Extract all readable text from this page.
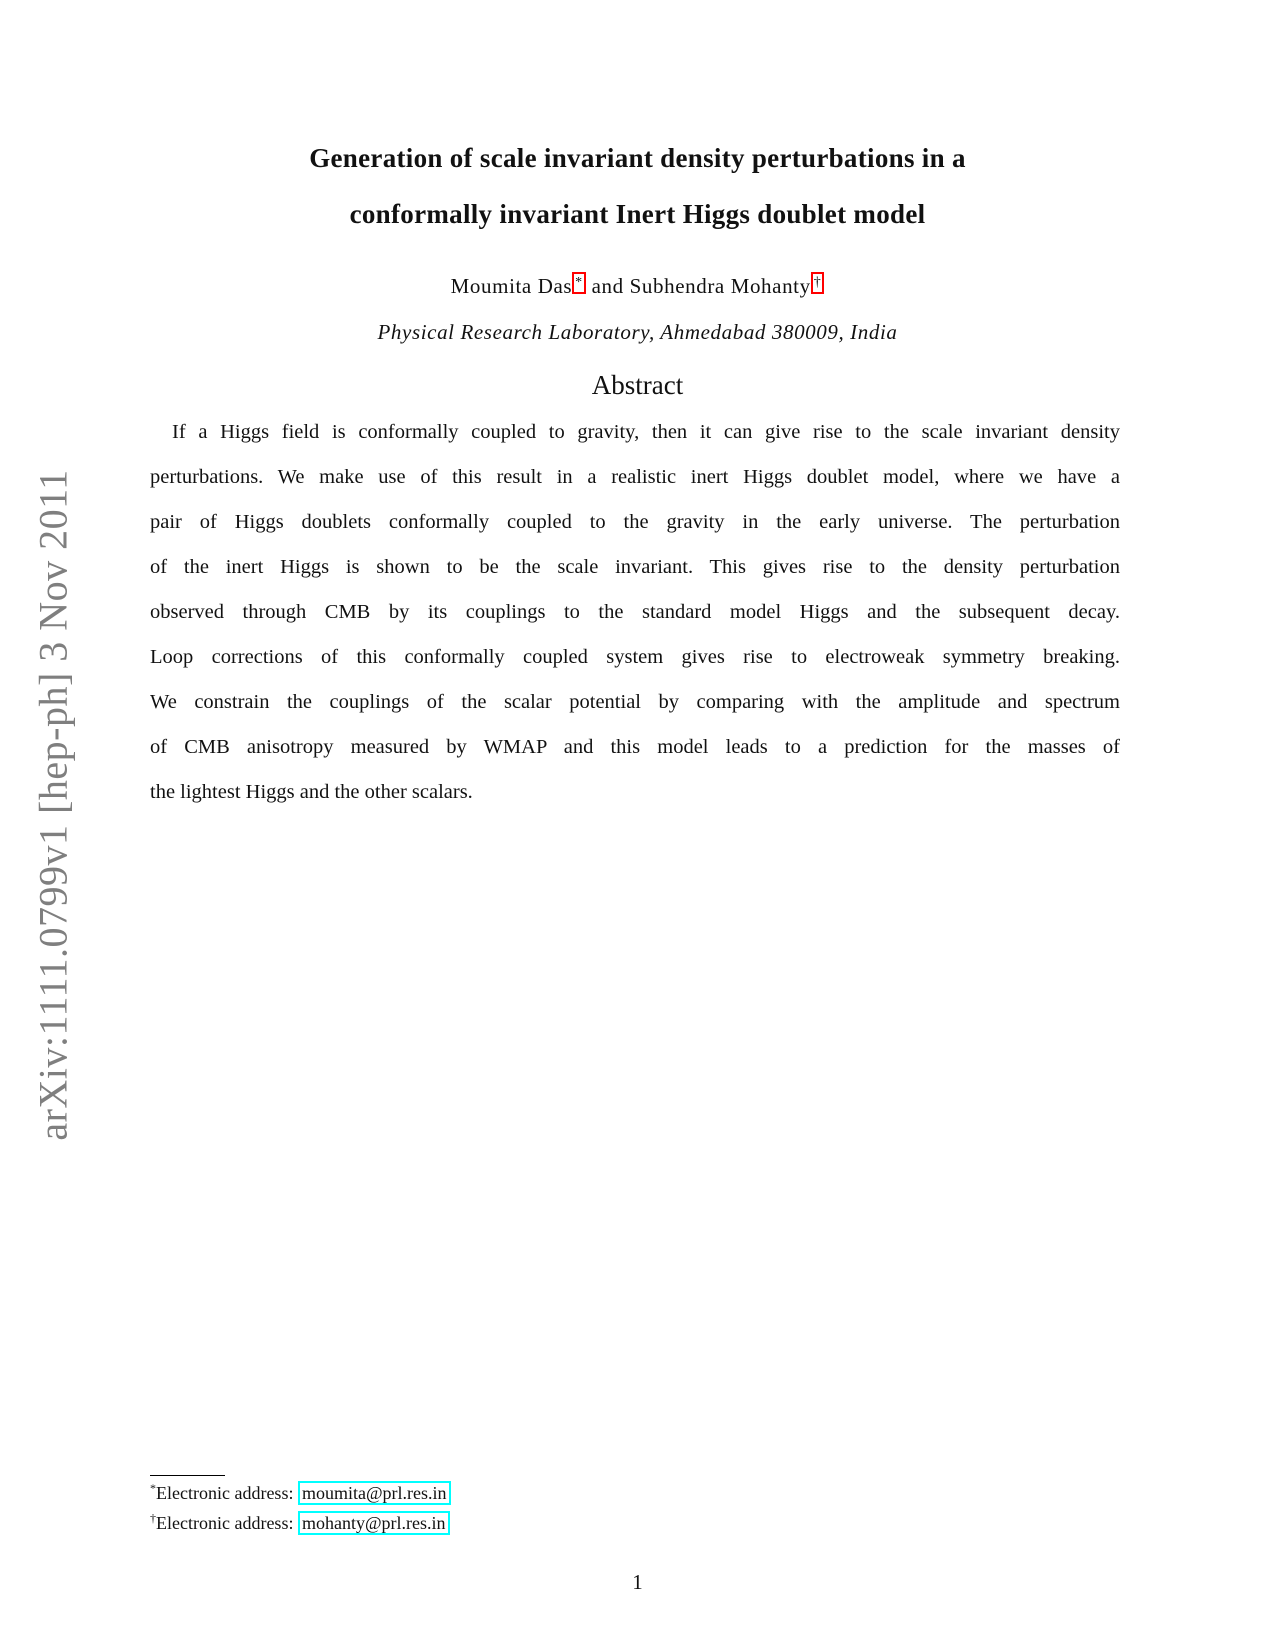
arXiv:1111.0799v1 [hep-ph] 3 Nov 2011
Generation of scale invariant density perturbations in a
conformally invariant Inert Higgs doublet model
Moumita Das * and Subhendra Mohanty †
Physical Research Laboratory, Ahmedabad 380009, India
Abstract
If a Higgs field is conformally coupled to gravity, then it can give rise to the scale invariant density
perturbations. We make use of this result in a realistic inert Higgs doublet model, where we have a
pair of Higgs doublets conformally coupled to the gravity in the early universe. The perturbation
of the inert Higgs is shown to be the scale invariant. This gives rise to the density perturbation
observed through CMB by its couplings to the standard model Higgs and the subsequent decay.
Loop corrections of this conformally coupled system gives rise to electroweak symmetry breaking.
We constrain the couplings of the scalar potential by comparing with the amplitude and spectrum
of CMB anisotropy measured by WMAP and this model leads to a prediction for the masses of
the lightest Higgs and the other scalars.
*Electronic address: moumita@prl.res.in
†Electronic address: mohanty@prl.res.in
1
